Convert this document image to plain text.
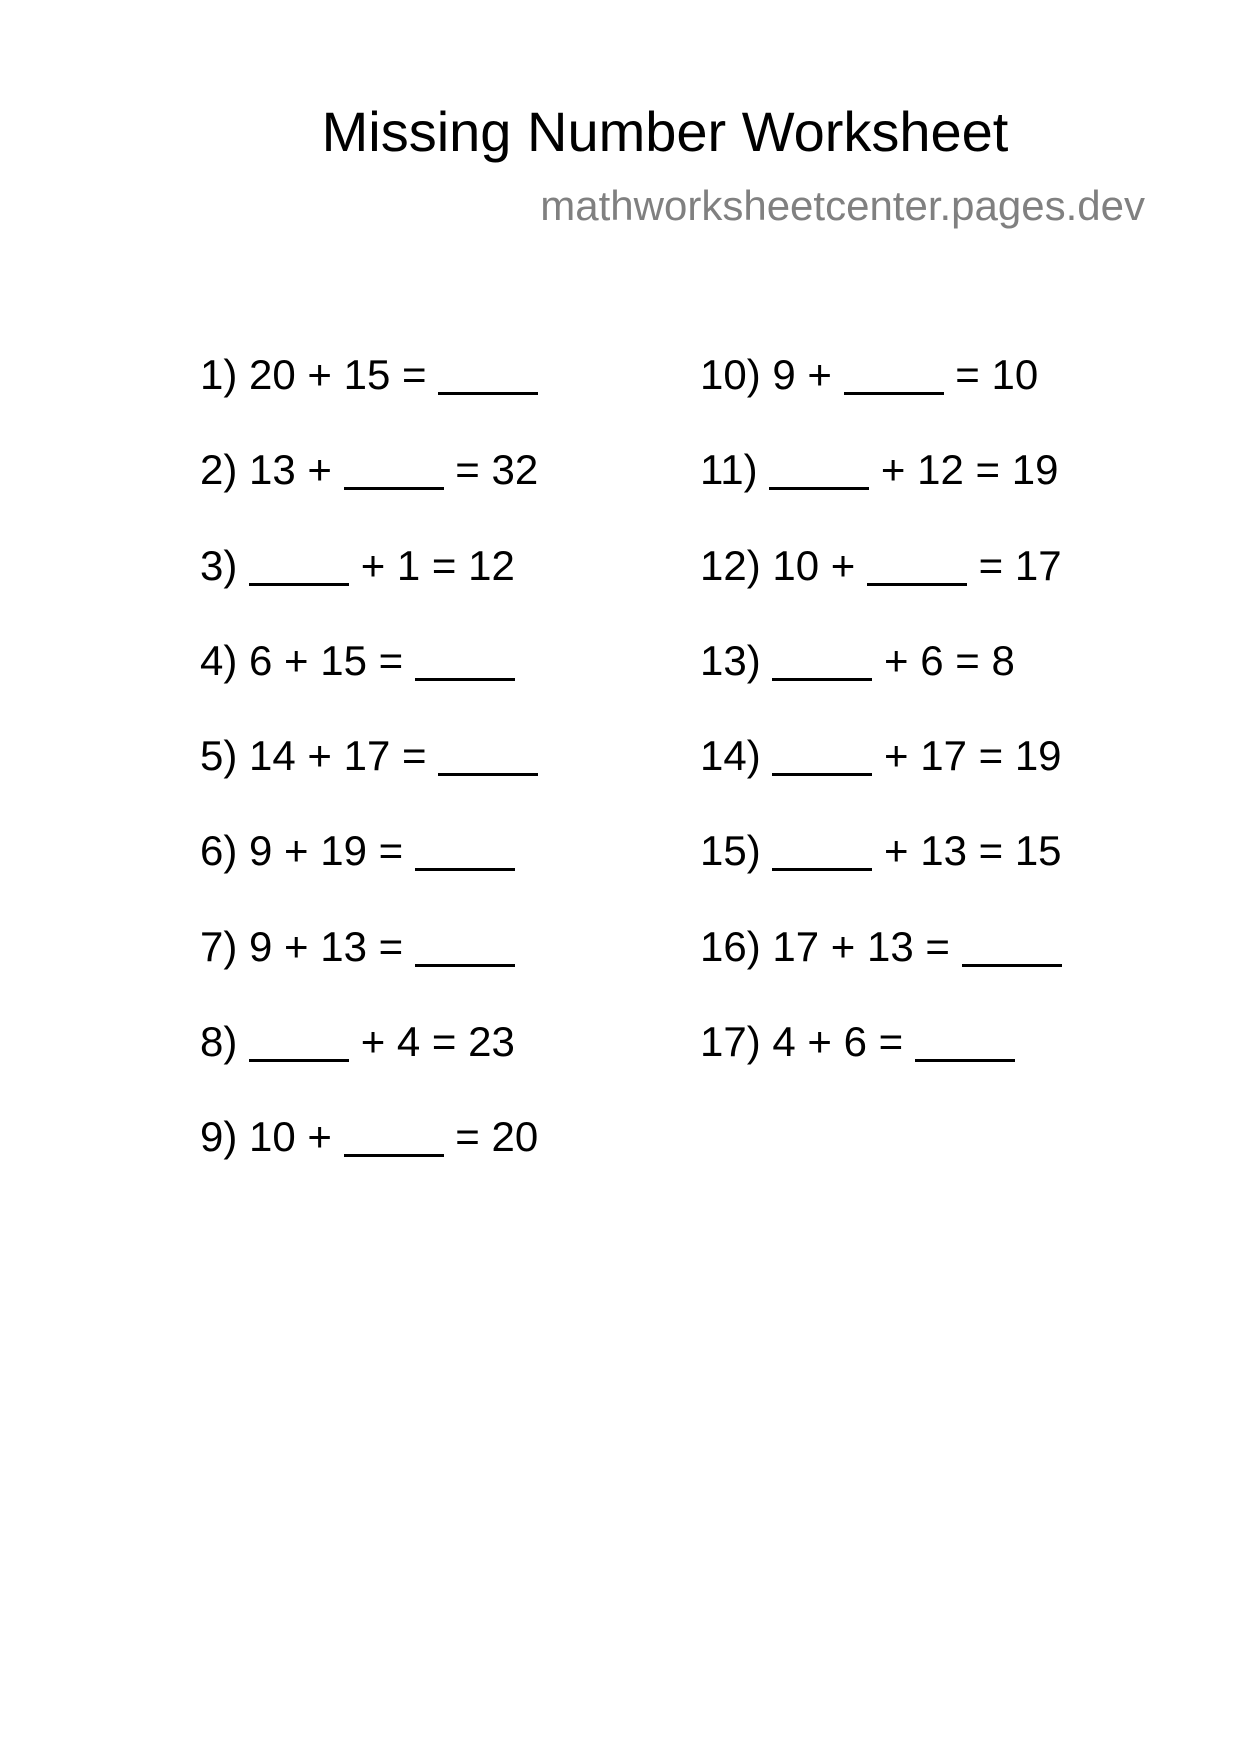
Missing Number Worksheet
mathworksheetcenter.pages.dev
1) 20 + 15 =
2) 13 +  = 32
3)	+ 1 = 12
4) 6 + 15 =
5) 14 + 17 =
6) 9 + 19 =
7) 9 + 13 =
8)	+ 4 = 23
9) 10 +  = 20
10) 9 +  = 10
11)	+ 12 = 19
12) 10 +  = 17
13)	+ 6 = 8
14)	+ 17 = 19
15)	+ 13 = 15
16) 17 + 13 =
17) 4 + 6 =
